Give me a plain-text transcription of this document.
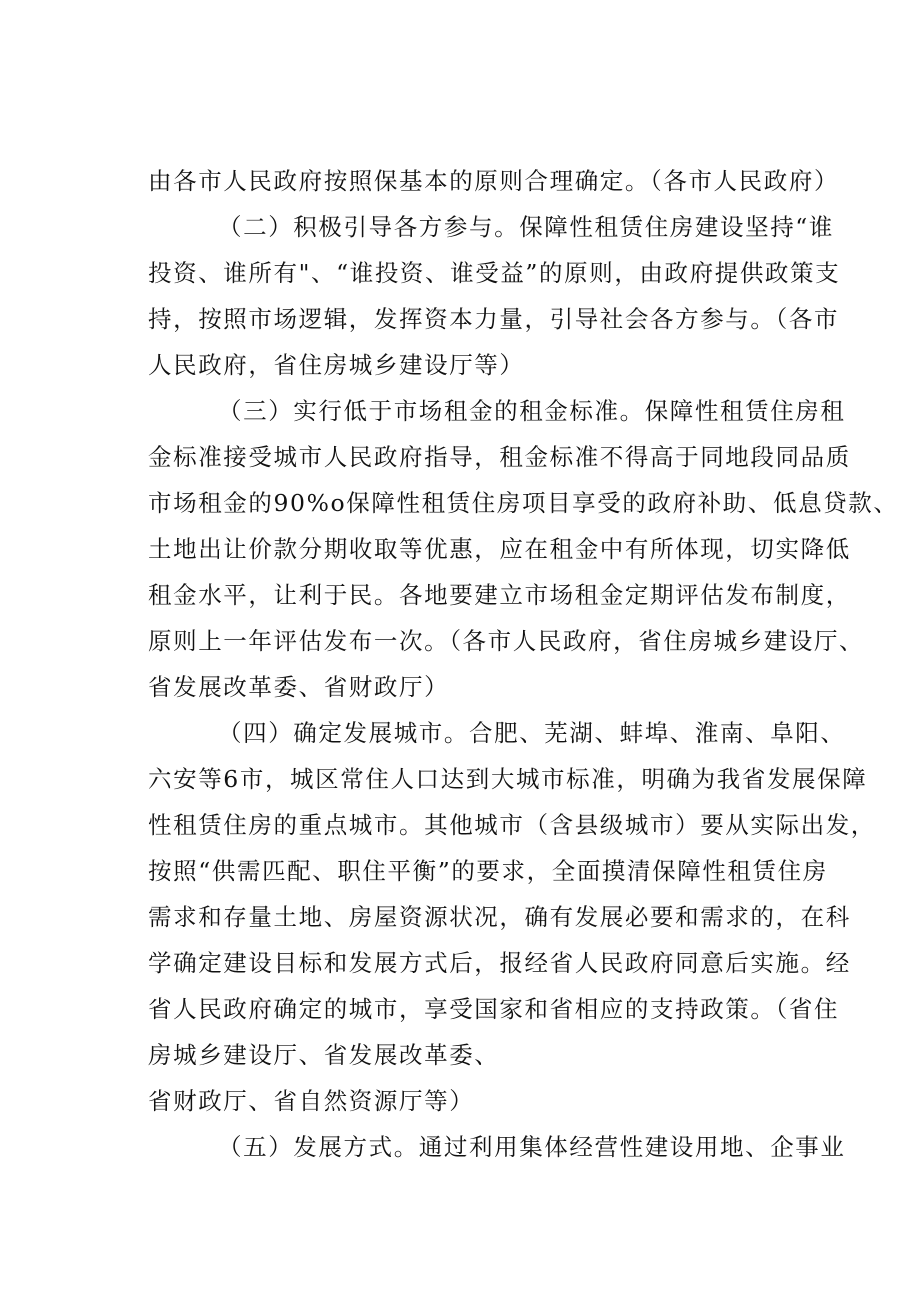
由各市人民政府按照保基本的原则合理确定。（各市人民政府）
（二）积极引导各方参与。保障性租赁住房建设坚持“谁
投资、谁所有"、“谁投资、谁受益”的原则，由政府提供政策支
持，按照市场逻辑，发挥资本力量，引导社会各方参与。（各市
人民政府，省住房城乡建设厅等）
（三）实行低于市场租金的租金标准。保障性租赁住房租
金标准接受城市人民政府指导，租金标准不得高于同地段同品质
市场租金的90%o保障性租赁住房项目享受的政府补助、低息贷款、
土地出让价款分期收取等优惠，应在租金中有所体现，切实降低
租金水平，让利于民。各地要建立市场租金定期评估发布制度，
原则上一年评估发布一次。（各市人民政府，省住房城乡建设厅、
省发展改革委、省财政厅）
（四）确定发展城市。合肥、芜湖、蚌埠、淮南、阜阳、
六安等6市，城区常住人口达到大城市标准，明确为我省发展保障
性租赁住房的重点城市。其他城市（含县级城市）要从实际出发，
按照“供需匹配、职住平衡”的要求，全面摸清保障性租赁住房
需求和存量土地、房屋资源状况，确有发展必要和需求的，在科
学确定建设目标和发展方式后，报经省人民政府同意后实施。经
省人民政府确定的城市，享受国家和省相应的支持政策。（省住
房城乡建设厅、省发展改革委、
省财政厅、省自然资源厅等）
（五）发展方式。通过利用集体经营性建设用地、企事业
